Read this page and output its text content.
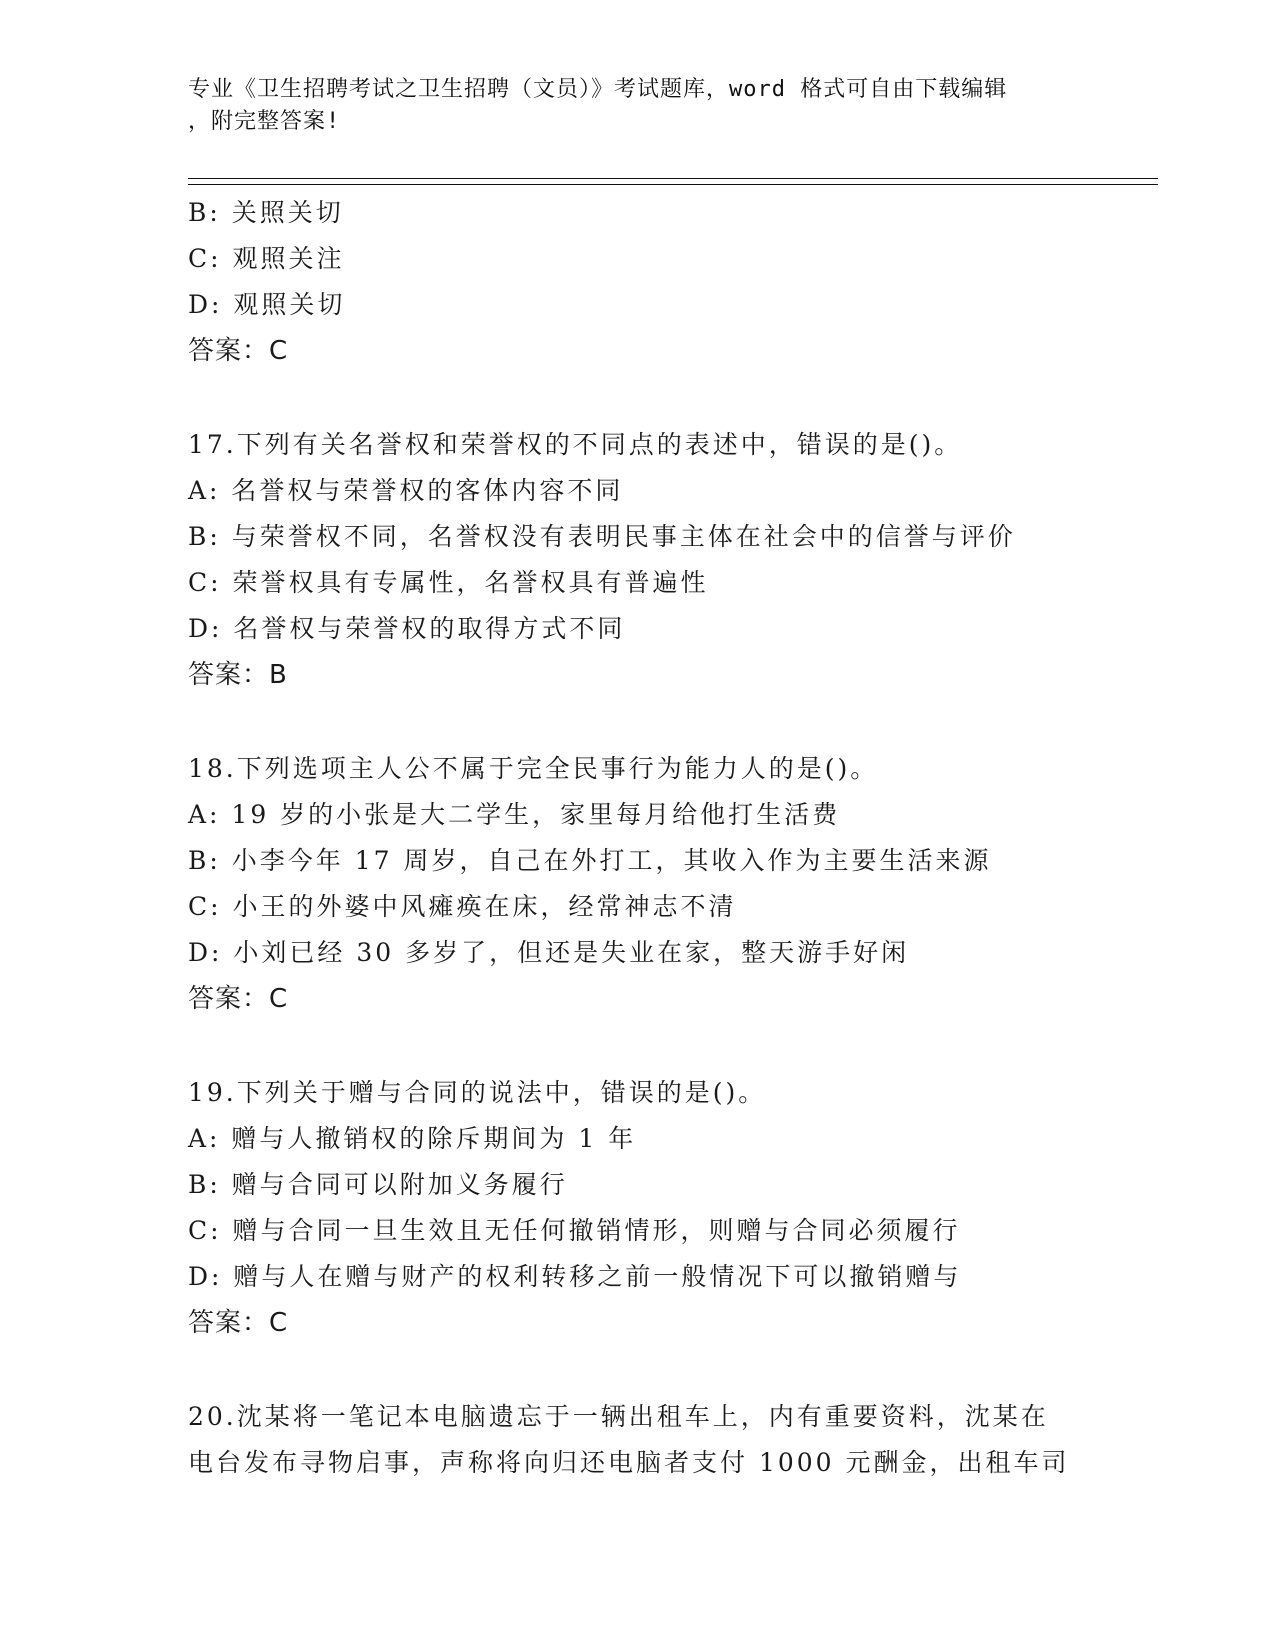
专业《卫生招聘考试之卫生招聘（文员）》考试题库，word 格式可自由下载编辑
，附完整答案!
B: 关照关切
C: 观照关注
D: 观照关切
答案：C
17.下列有关名誉权和荣誉权的不同点的表述中，错误的是()。
A: 名誉权与荣誉权的客体内容不同
B: 与荣誉权不同，名誉权没有表明民事主体在社会中的信誉与评价
C: 荣誉权具有专属性，名誉权具有普遍性
D: 名誉权与荣誉权的取得方式不同
答案：B
18.下列选项主人公不属于完全民事行为能力人的是()。
A: 19 岁的小张是大二学生，家里每月给他打生活费
B: 小李今年 17 周岁，自己在外打工，其收入作为主要生活来源
C: 小王的外婆中风瘫痪在床，经常神志不清
D: 小刘已经 30 多岁了，但还是失业在家，整天游手好闲
答案：C
19.下列关于赠与合同的说法中，错误的是()。
A: 赠与人撤销权的除斥期间为 1 年
B: 赠与合同可以附加义务履行
C: 赠与合同一旦生效且无任何撤销情形，则赠与合同必须履行
D: 赠与人在赠与财产的权利转移之前一般情况下可以撤销赠与
答案：C
20.沈某将一笔记本电脑遗忘于一辆出租车上，内有重要资料，沈某在
电台发布寻物启事，声称将向归还电脑者支付 1000 元酬金，出租车司
